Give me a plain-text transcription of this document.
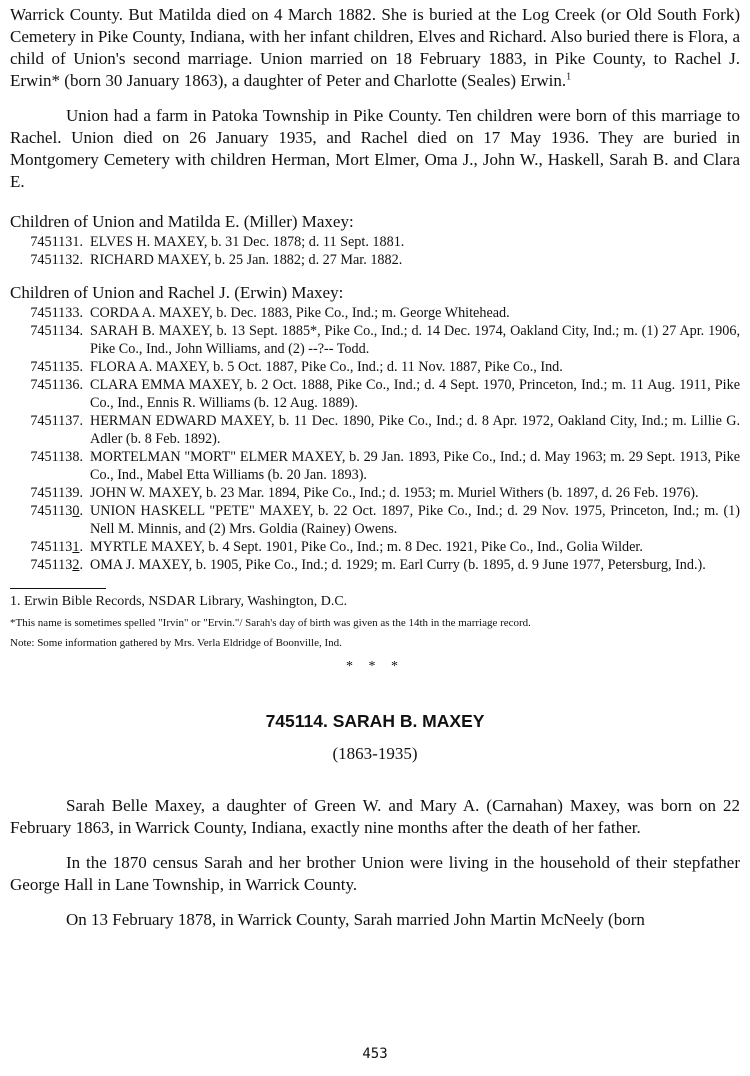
Warrick County. But Matilda died on 4 March 1882. She is buried at the Log Creek (or Old South Fork) Cemetery in Pike County, Indiana, with her infant children, Elves and Richard. Also buried there is Flora, a child of Union's second marriage. Union married on 18 February 1883, in Pike County, to Rachel J. Erwin* (born 30 January 1863), a daughter of Peter and Charlotte (Seales) Erwin.$^1$

Union had a farm in Patoka Township in Pike County. Ten children were born of this marriage to Rachel. Union died on 26 January 1935, and Rachel died on 17 May 1936. They are buried in Montgomery Cemetery with children Herman, Mort Elmer, Oma J., John W., Haskell, Sarah B. and Clara E.

Children of Union and Matilda E. (Miller) Maxey:

7451131. ELVES H. MAXEY, b. 31 Dec. 1878; d. 11 Sept. 1881.
7451132. RICHARD MAXEY, b. 25 Jan. 1882; d. 27 Mar. 1882.

Children of Union and Rachel J. (Erwin) Maxey:

7451133. CORDA A. MAXEY, b. Dec. 1883, Pike Co., Ind.; m. George Whitehead.
7451134. SARAH B. MAXEY, b. 13 Sept. 1885*, Pike Co., Ind.; d. 14 Dec. 1974, Oakland City, Ind.; m. (1) 27 Apr. 1906, Pike Co., Ind., John Williams, and (2) --?-- Todd.
7451135. FLORA A. MAXEY, b. 5 Oct. 1887, Pike Co., Ind.; d. 11 Nov. 1887, Pike Co., Ind.
7451136. CLARA EMMA MAXEY, b. 2 Oct. 1888, Pike Co., Ind.; d. 4 Sept. 1970, Princeton, Ind.; m. 11 Aug. 1911, Pike Co., Ind., Ennis R. Williams (b. 12 Aug. 1889).
7451137. HERMAN EDWARD MAXEY, b. 11 Dec. 1890, Pike Co., Ind.; d. 8 Apr. 1972, Oakland City, Ind.; m. Lillie G. Adler (b. 8 Feb. 1892).
7451138. MORTELMAN "MORT" ELMER MAXEY, b. 29 Jan. 1893, Pike Co., Ind.; d. May 1963; m. 29 Sept. 1913, Pike Co., Ind., Mabel Etta Williams (b. 20 Jan. 1893).
7451139. JOHN W. MAXEY, b. 23 Mar. 1894, Pike Co., Ind.; d. 1953; m. Muriel Withers (b. 1897, d. 26 Feb. 1976).
7451130. UNION HASKELL "PETE" MAXEY, b. 22 Oct. 1897, Pike Co., Ind.; d. 29 Nov. 1975, Princeton, Ind.; m. (1) Nell M. Minnis, and (2) Mrs. Goldia (Rainey) Owens.
7451131. MYRTLE MAXEY, b. 4 Sept. 1901, Pike Co., Ind.; m. 8 Dec. 1921, Pike Co., Ind., Golia Wilder.
7451132. OMA J. MAXEY, b. 1905, Pike Co., Ind.; d. 1929; m. Earl Curry (b. 1895, d. 9 June 1977, Petersburg, Ind.).

1. Erwin Bible Records, NSDAR Library, Washington, D.C.

*This name is sometimes spelled "Irvin" or "Ervin."/ Sarah's day of birth was given as the 14th in the marriage record.

Note: Some information gathered by Mrs. Verla Eldridge of Boonville, Ind.

* * *
745114. SARAH B. MAXEY
(1863-1935)

Sarah Belle Maxey, a daughter of Green W. and Mary A. (Carnahan) Maxey, was born on 22 February 1863, in Warrick County, Indiana, exactly nine months after the death of her father.

In the 1870 census Sarah and her brother Union were living in the household of their stepfather George Hall in Lane Township, in Warrick County.

On 13 February 1878, in Warrick County, Sarah married John Martin McNeely (born

453
